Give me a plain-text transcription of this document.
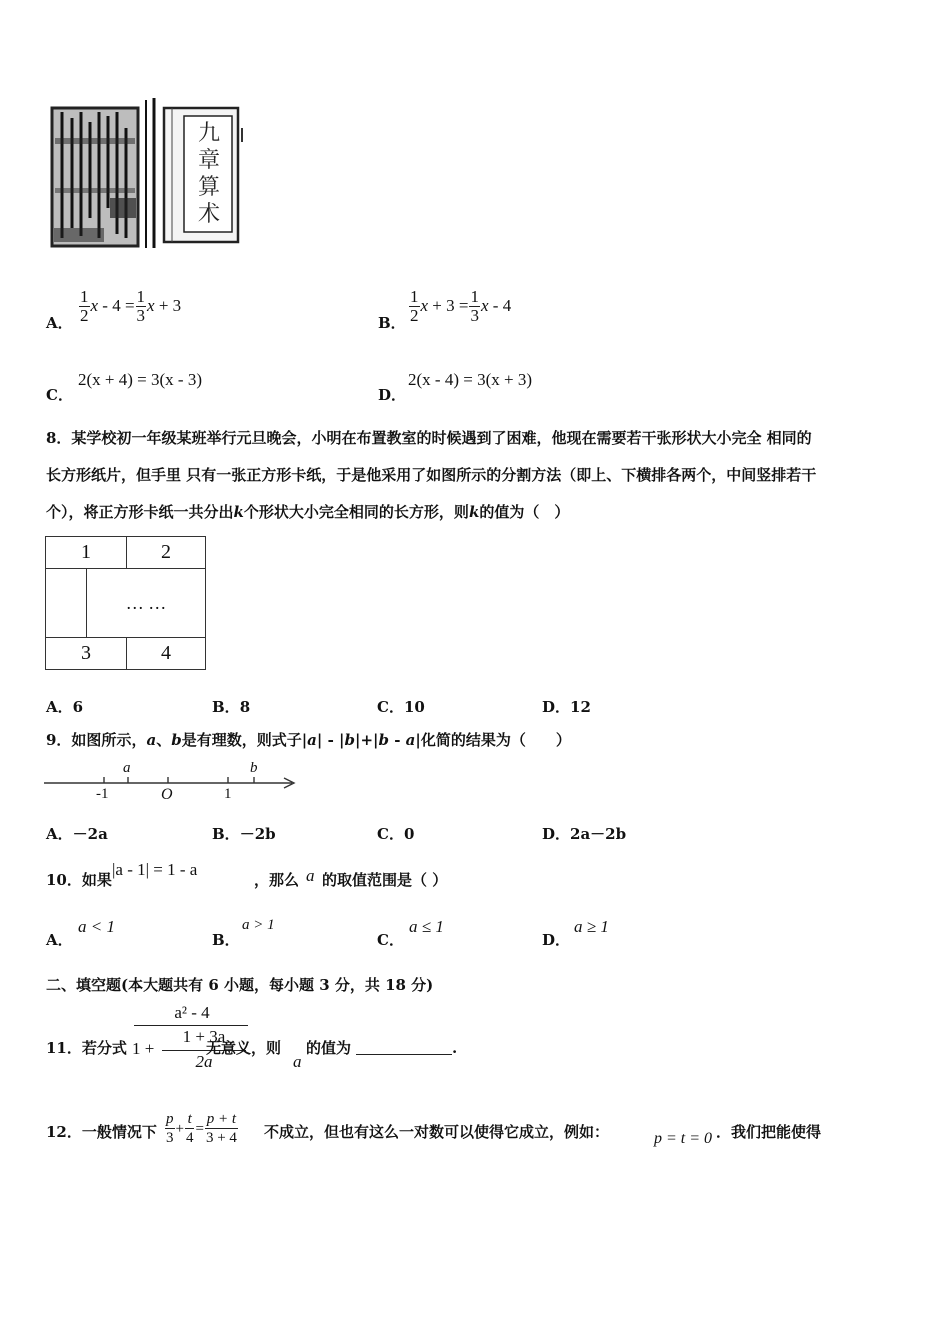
九
章
算
术
A． $\frac{1}{2}$ $x - 4 = \frac{1}{3}$ x + 3
B． $\frac{1}{2}$ $x + 3 = \frac{1}{3}$ x - 4
C．
2(x + 4) = 3(x - 3)
D．
2(x - 4) = 3(x + 3)
8．某学校初一年级某班举行元旦晚会，小明在布置教室的时候遇到了困难，他现在需要若干张形状大小完全 相同的
长方形纸片，但手里 只有一张正方形卡纸，于是他采用了如图所示的分割方法（即上、下横排各两个，中间竖排若干
个），将正方形卡纸一共分出k个形状大小完全相同的长方形，则k的值为（　）
1	2
… …
3	4
A．6	B．8	C．10	D．12
9．如图所示，a、b是有理数，则式子|a| - |b|+|b - a|化简的结果为（　　）
-1	O	1
a	b
A．－2a	B．－2b	C．0	D．2a－2b
10．如果
|a - 1| = 1 - a
，那么 a 的取值范围是（ ）
A．
a < 1
B．
a > 1
C．
a ≤ 1
D．
a ≥ 1
二、填空题(本大题共有 6 小题，每小题 3 分，共 18 分)
11．若分式
a² - 4
1 +
1 + 3a
2a
无意义，则
a
的值为	.
12．一般情况下 $\frac{p}{3} + \frac{t}{4} = \frac{p + t}{3 + 4}$ 不成立，但也有这么一对数可以使得它成立，例如：	p = t = 0 ．我们把能使得
